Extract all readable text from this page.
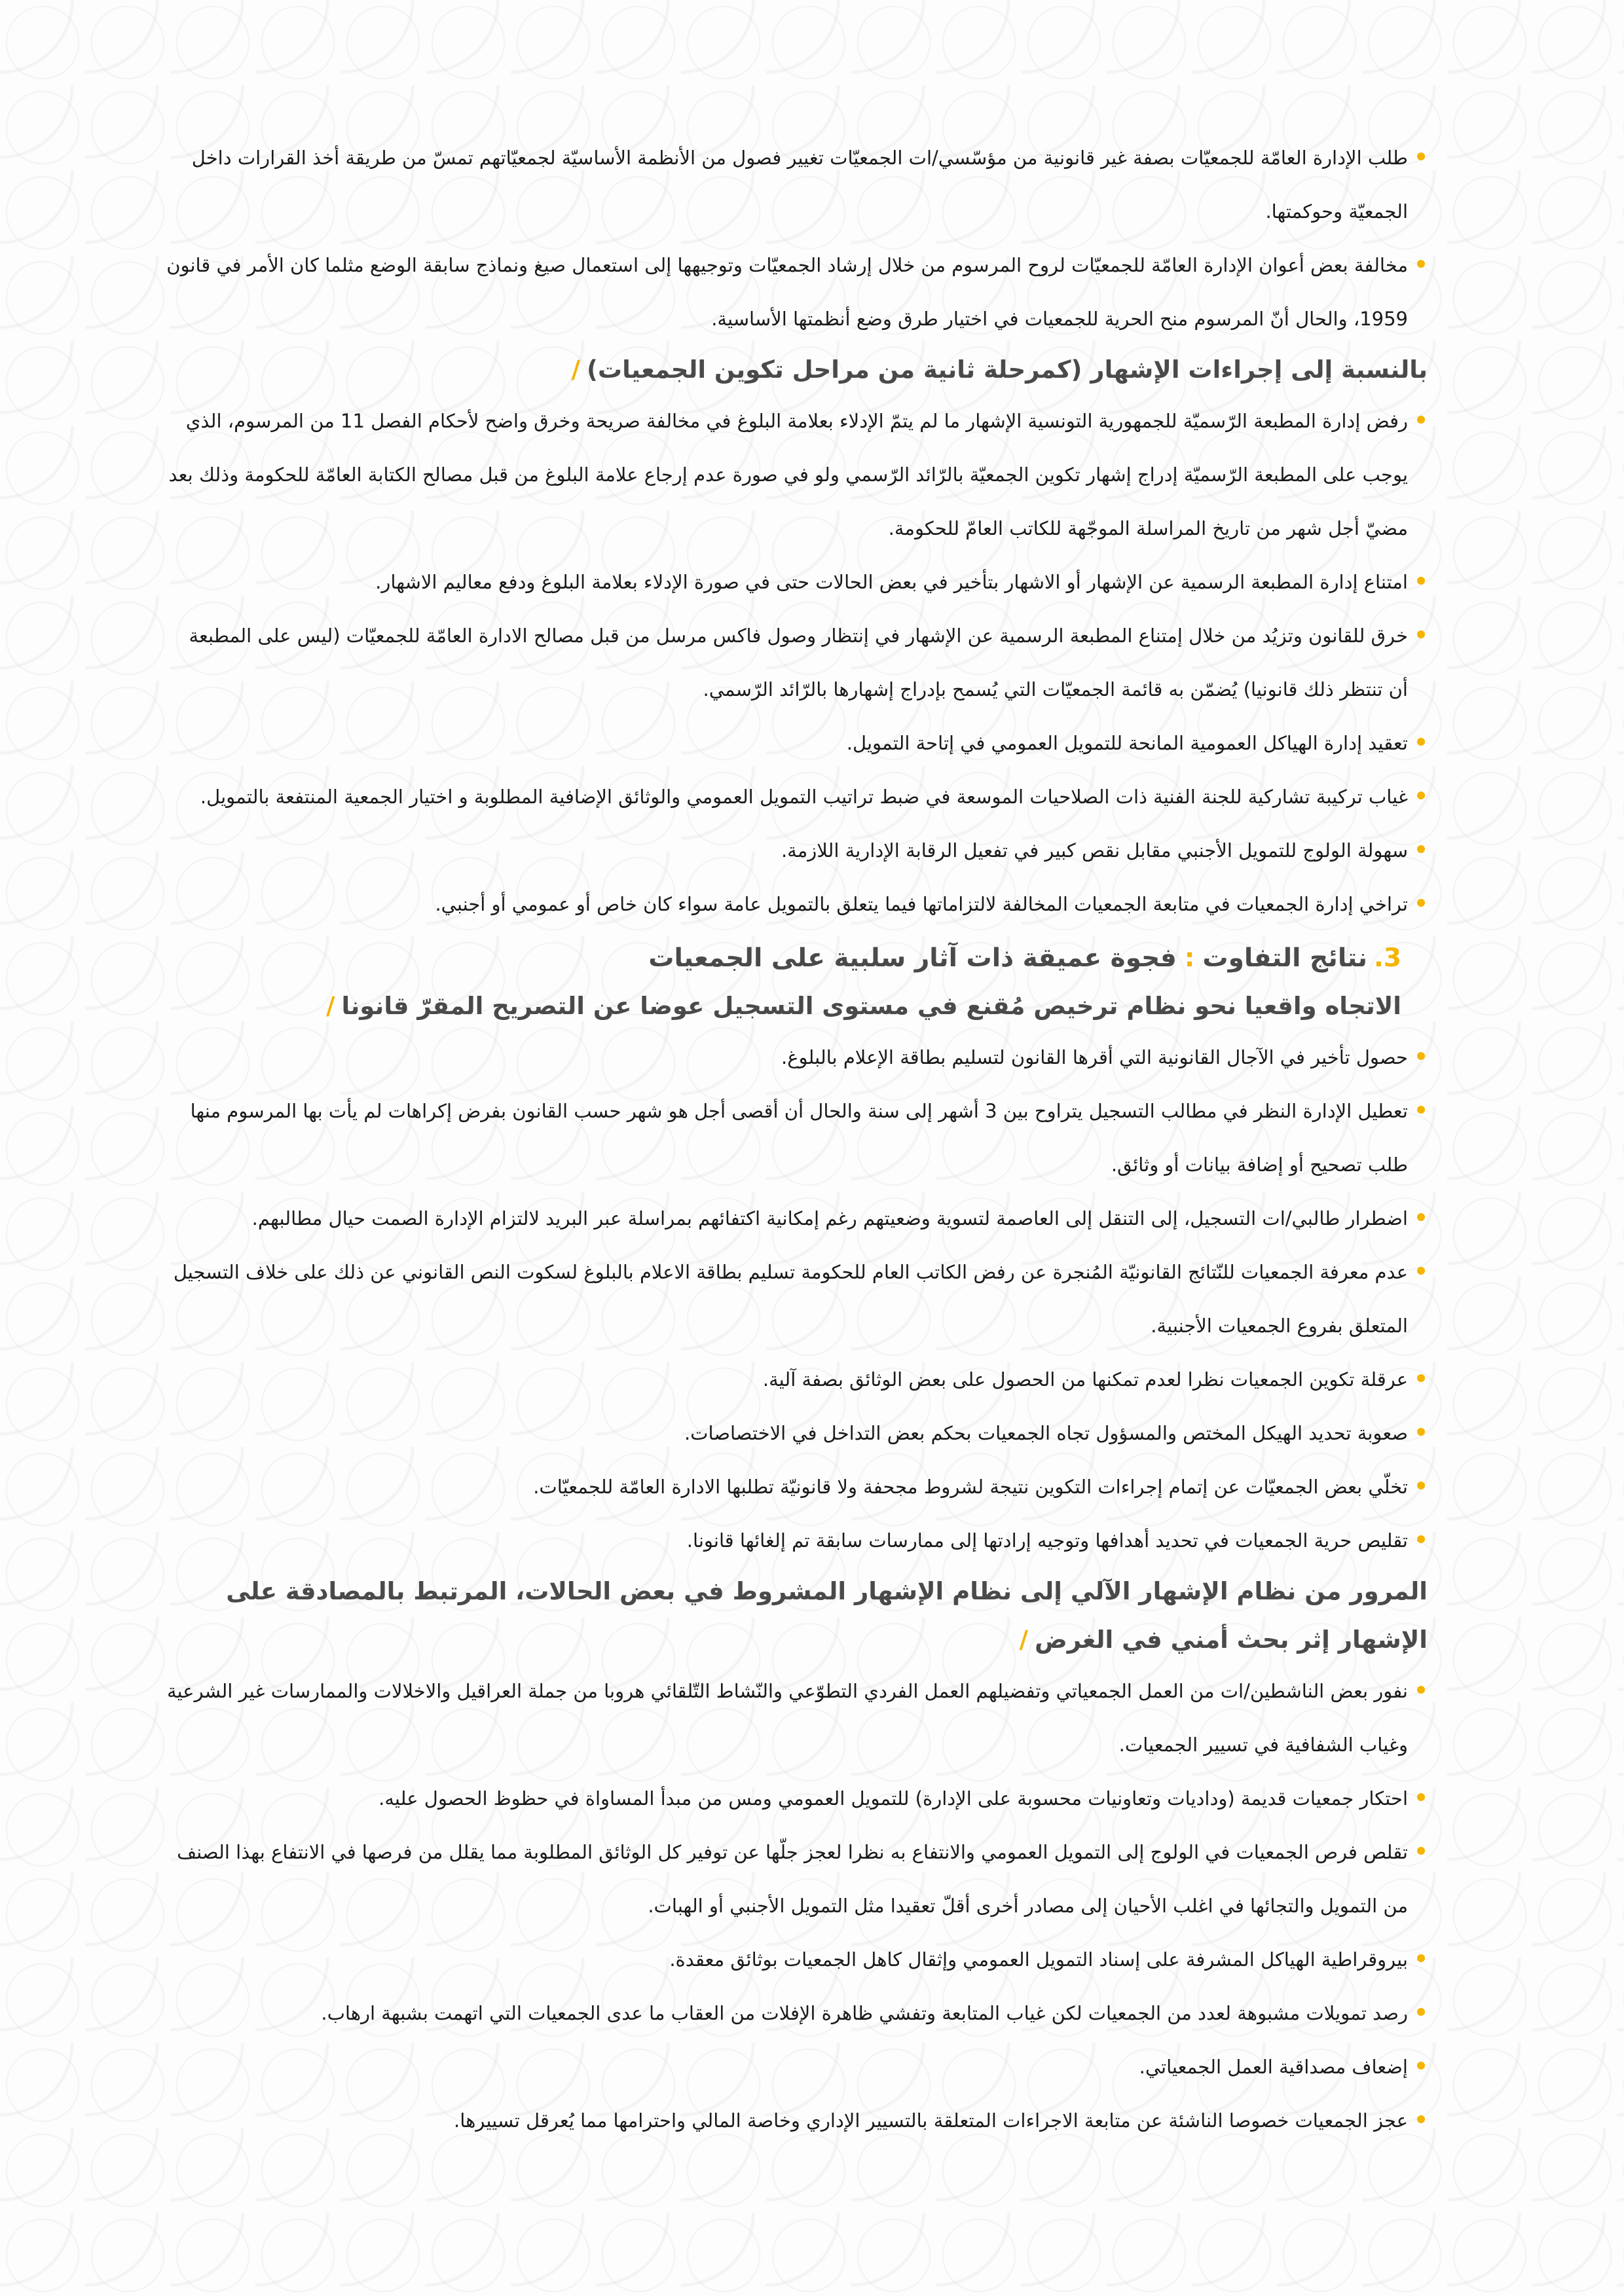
طلب الإدارة العامّة للجمعيّات بصفة غير قانونية من مؤسّسي/ات الجمعيّات تغيير فصول من الأنظمة الأساسيّة لجمعيّاتهم تمسّ من طريقة أخذ القرارات داخل الجمعيّة وحوكمتها.
مخالفة بعض أعوان الإدارة العامّة للجمعيّات لروح المرسوم من خلال إرشاد الجمعيّات وتوجيهها إلى استعمال صيغ ونماذج سابقة الوضع مثلما كان الأمر في قانون 1959، والحال أنّ المرسوم منح الحرية للجمعيات في اختيار طرق وضع أنظمتها الأساسية.
بالنسبة إلى إجراءات الإشهار (كمرحلة ثانية من مراحل تكوين الجمعيات)/
رفض إدارة المطبعة الرّسميّة للجمهورية التونسية الإشهار ما لم يتمّ الإدلاء بعلامة البلوغ في مخالفة صريحة وخرق واضح لأحكام الفصل 11 من المرسوم، الذي يوجب على المطبعة الرّسميّة إدراج إشهار تكوين الجمعيّة بالرّائد الرّسمي ولو في صورة عدم إرجاع علامة البلوغ من قبل مصالح الكتابة العامّة للحكومة وذلك بعد مضيّ أجل شهر من تاريخ المراسلة الموجّهة للكاتب العامّ للحكومة.
امتناع إدارة المطبعة الرسمية عن الإشهار أو الاشهار بتأخير في بعض الحالات حتى في صورة الإدلاء بعلامة البلوغ ودفع معاليم الاشهار.
خرق للقانون وتزيُد من خلال إمتناع المطبعة الرسمية عن الإشهار في إنتظار وصول فاكس مرسل من قبل مصالح الادارة العامّة للجمعيّات (ليس على المطبعة أن تنتظر ذلك قانونيا) يُضمّن به قائمة الجمعيّات التي يُسمح بإدراج إشهارها بالرّائد الرّسمي.
تعقيد إدارة الهياكل العمومية المانحة للتمويل العمومي في إتاحة التمويل.
غياب تركيبة تشاركية للجنة الفنية ذات الصلاحيات الموسعة في ضبط تراتيب التمويل العمومي والوثائق الإضافية المطلوبة و اختيار الجمعية المنتفعة بالتمويل.
سهولة الولوج للتمويل الأجنبي مقابل نقص كبير في تفعيل الرقابة الإدارية اللازمة.
تراخي إدارة الجمعيات في متابعة الجمعيات المخالفة لالتزاماتها فيما يتعلق بالتمويل عامة سواء كان خاص أو عمومي أو أجنبي.
3.نتائج التفاوت:فجوة عميقة ذات آثار سلبية على الجمعيات
الاتجاه واقعيا نحو نظام ترخيص مُقنع في مستوى التسجيل عوضا عن التصريح المقرّ قانونا/
حصول تأخير في الآجال القانونية التي أقرها القانون لتسليم بطاقة الإعلام بالبلوغ.
تعطيل الإدارة النظر في مطالب التسجيل يتراوح بين 3 أشهر إلى سنة والحال أن أقصى أجل هو شهر حسب القانون بفرض إكراهات لم يأت بها المرسوم منها طلب تصحيح أو إضافة بيانات أو وثائق.
اضطرار طالبي/ات التسجيل، إلى التنقل إلى العاصمة لتسوية وضعيتهم رغم إمكانية اكتفائهم بمراسلة عبر البريد لالتزام الإدارة الصمت حيال مطالبهم.
عدم معرفة الجمعيات للنّتائج القانونيّة المُنجرة عن رفض الكاتب العام للحكومة تسليم بطاقة الاعلام بالبلوغ لسكوت النص القانوني عن ذلك على خلاف التسجيل المتعلق بفروع الجمعيات الأجنبية.
عرقلة تكوين الجمعيات نظرا لعدم تمكنها من الحصول على بعض الوثائق بصفة آلية.
صعوبة تحديد الهيكل المختص والمسؤول تجاه الجمعيات بحكم بعض التداخل في الاختصاصات.
تخلّي بعض الجمعيّات عن إتمام إجراءات التكوين نتيجة لشروط مجحفة ولا قانونيّة تطلبها الادارة العامّة للجمعيّات.
تقليص حرية الجمعيات في تحديد أهدافها وتوجيه إرادتها إلى ممارسات سابقة تم إلغائها قانونا.
المرور من نظام الإشهار الآلي إلى نظام الإشهار المشروط في بعض الحالات، المرتبط بالمصادقة على الإشهار إثر بحث أمني في الغرض/
نفور بعض الناشطين/ات من العمل الجمعياتي وتفضيلهم العمل الفردي التطوّعي والنّشاط التّلقائي هروبا من جملة العراقيل والاخلالات والممارسات غير الشرعية وغياب الشفافية في تسيير الجمعيات.
احتكار جمعيات قديمة (وداديات وتعاونيات محسوبة على الإدارة) للتمويل العمومي ومس من مبدأ المساواة في حظوظ الحصول عليه.
تقلص فرص الجمعيات في الولوج إلى التمويل العمومي والانتفاع به نظرا لعجز جلّها عن توفير كل الوثائق المطلوبة مما يقلل من فرصها في الانتفاع بهذا الصنف من التمويل والتجائها في اغلب الأحيان إلى مصادر أخرى أقلّ تعقيدا مثل التمويل الأجنبي أو الهبات.
بيروقراطية الهياكل المشرفة على إسناد التمويل العمومي وإثقال كاهل الجمعيات بوثائق معقدة.
رصد تمويلات مشبوهة لعدد من الجمعيات لكن غياب المتابعة وتفشي ظاهرة الإفلات من العقاب ما عدى الجمعيات التي اتهمت بشبهة ارهاب.
إضعاف مصداقية العمل الجمعياتي.
عجز الجمعيات خصوصا الناشئة عن متابعة الاجراءات المتعلقة بالتسيير الإداري وخاصة المالي واحترامها مما يُعرقل تسييرها.
